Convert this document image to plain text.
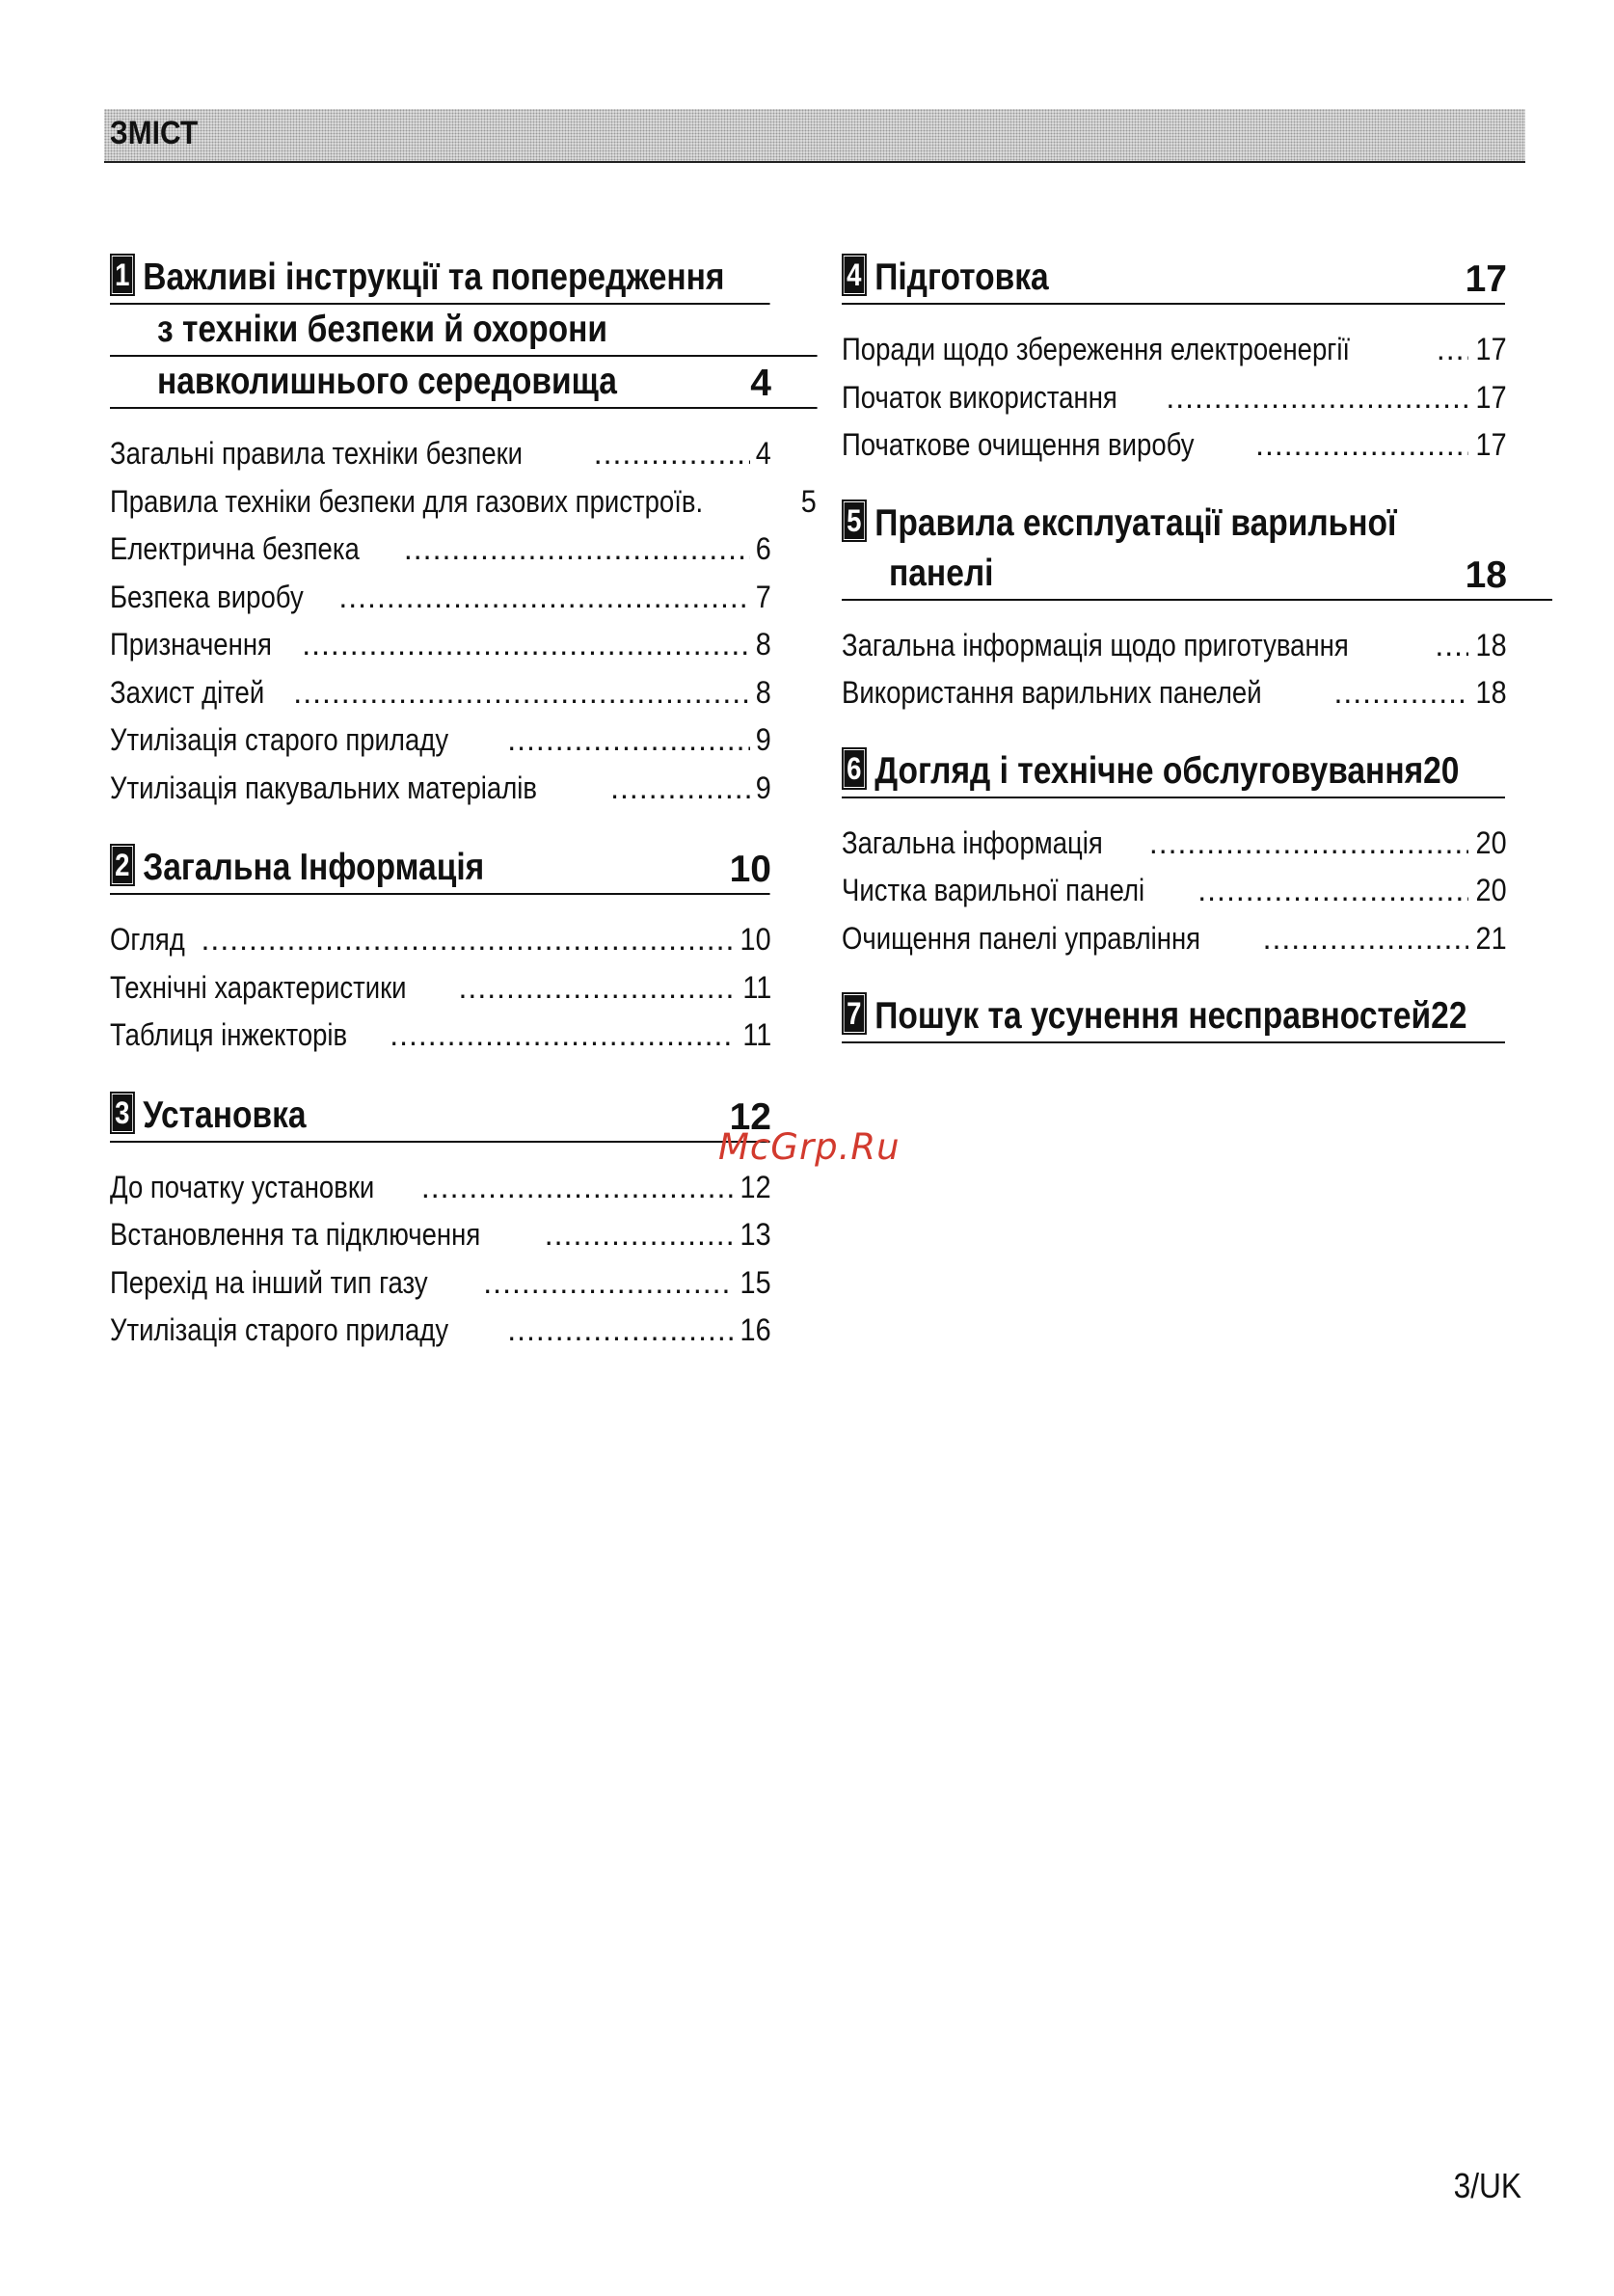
ЗМІСТ
1 Важливі інструкції та попередження
з техніки безпеки й охорони
навколишнього середовища	4
Загальні правила техніки безпеки .....	4
Правила техніки безпеки для газових пристроїв.	5
Електрична безпека .....	6
Безпека виробу .....	7
Призначення .....	8
Захист дітей .....	8
Утилізація старого приладу .....	9
Утилізація пакувальних матеріалів .....	9
2 Загальна Інформація	10
Огляд .....	10
Технічні характеристики .....	11
Таблиця інжекторів .....	11
3 Установка	12
До початку установки .....	12
Встановлення та підключення .....	13
Перехід на інший тип газу .....	15
Утилізація старого приладу .....	16
4 Підготовка	17
Поради щодо збереження електроенергії .....	17
Початок використання .....	17
Початкове очищення виробу .....	17
5 Правила експлуатації варильної
панелі	18
Загальна інформація щодо приготування .....	18
Використання варильних панелей .....	18
6 Догляд і технічне обслуговування20
Загальна інформація .....	20
Чистка варильної панелі .....	20
Очищення панелі управління .....	21
7 Пошук та усунення несправностей22
McGrp.Ru
3/UK
